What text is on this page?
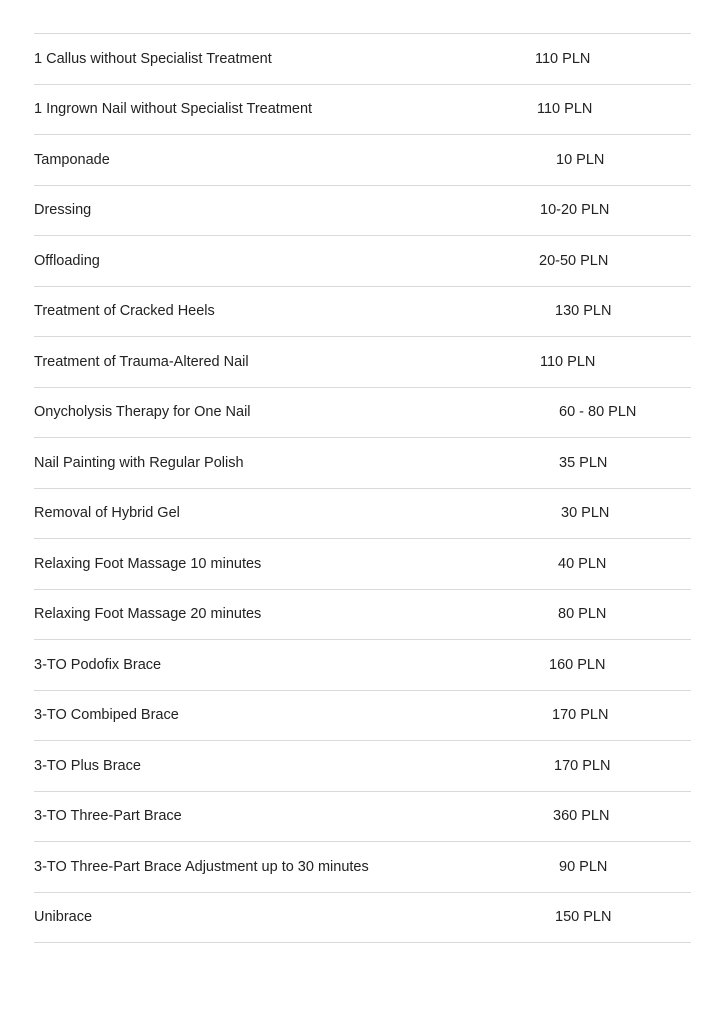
1 Callus without Specialist Treatment	110 PLN
1 Ingrown Nail without Specialist Treatment	110 PLN
Tamponade	10 PLN
Dressing	10-20 PLN
Offloading	20-50 PLN
Treatment of Cracked Heels	130 PLN
Treatment of Trauma-Altered Nail	110 PLN
Onycholysis Therapy for One Nail	60 - 80 PLN
Nail Painting with Regular Polish	35 PLN
Removal of Hybrid Gel	30 PLN
Relaxing Foot Massage 10 minutes	40 PLN
Relaxing Foot Massage 20 minutes	80 PLN
3-TO Podofix Brace	160 PLN
3-TO Combiped Brace	170 PLN
3-TO Plus Brace	170 PLN
3-TO Three-Part Brace	360 PLN
3-TO Three-Part Brace Adjustment up to 30 minutes	90 PLN
Unibrace	150 PLN
